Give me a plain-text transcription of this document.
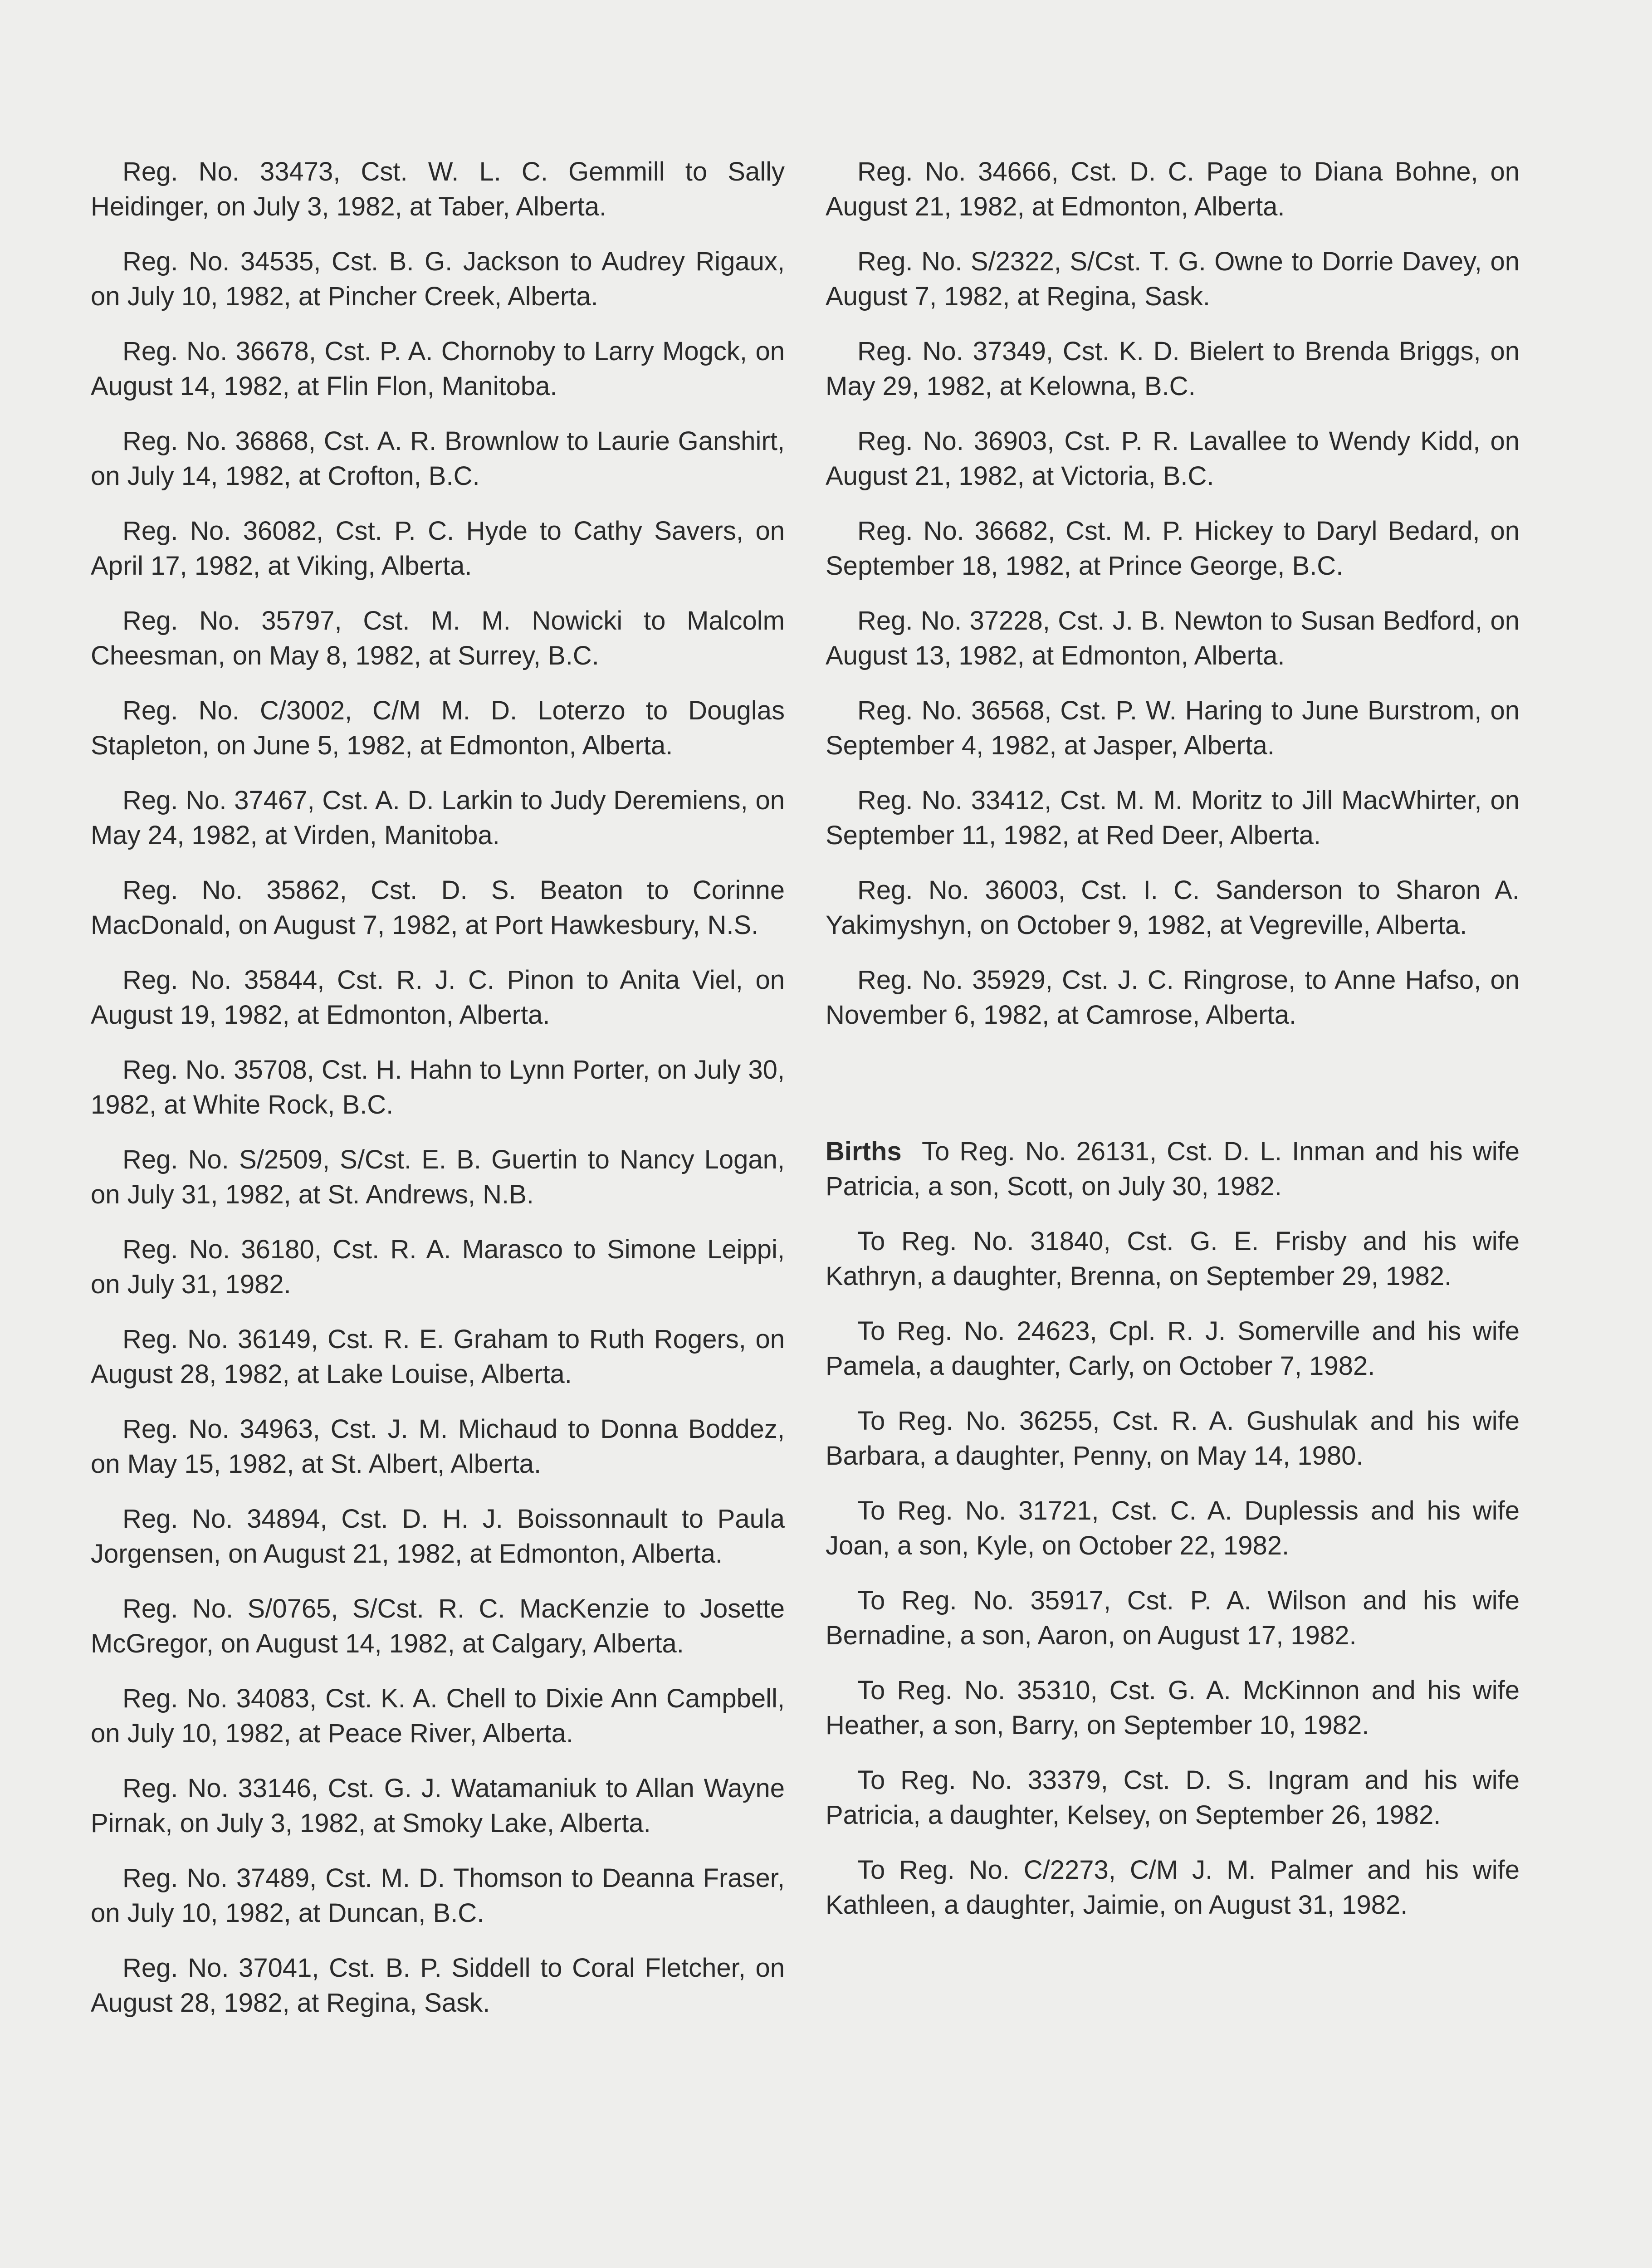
Reg. No. 33473, Cst. W. L. C. Gemmill to Sally Heidinger, on July 3, 1982, at Taber, Alberta.

Reg. No. 34535, Cst. B. G. Jackson to Audrey Rigaux, on July 10, 1982, at Pincher Creek, Alberta.

Reg. No. 36678, Cst. P. A. Chornoby to Larry Mogck, on August 14, 1982, at Flin Flon, Manitoba.

Reg. No. 36868, Cst. A. R. Brownlow to Laurie Ganshirt, on July 14, 1982, at Crofton, B.C.

Reg. No. 36082, Cst. P. C. Hyde to Cathy Savers, on April 17, 1982, at Viking, Alberta.

Reg. No. 35797, Cst. M. M. Nowicki to Malcolm Cheesman, on May 8, 1982, at Surrey, B.C.

Reg. No. C/3002, C/M M. D. Loterzo to Douglas Stapleton, on June 5, 1982, at Edmonton, Alberta.

Reg. No. 37467, Cst. A. D. Larkin to Judy Deremiens, on May 24, 1982, at Virden, Manitoba.

Reg. No. 35862, Cst. D. S. Beaton to Corinne MacDonald, on August 7, 1982, at Port Hawkesbury, N.S.

Reg. No. 35844, Cst. R. J. C. Pinon to Anita Viel, on August 19, 1982, at Edmonton, Alberta.

Reg. No. 35708, Cst. H. Hahn to Lynn Porter, on July 30, 1982, at White Rock, B.C.

Reg. No. S/2509, S/Cst. E. B. Guertin to Nancy Logan, on July 31, 1982, at St. Andrews, N.B.

Reg. No. 36180, Cst. R. A. Marasco to Simone Leippi, on July 31, 1982.

Reg. No. 36149, Cst. R. E. Graham to Ruth Rogers, on August 28, 1982, at Lake Louise, Alberta.

Reg. No. 34963, Cst. J. M. Michaud to Donna Boddez, on May 15, 1982, at St. Albert, Alberta.

Reg. No. 34894, Cst. D. H. J. Boissonnault to Paula Jorgensen, on August 21, 1982, at Edmonton, Alberta.

Reg. No. S/0765, S/Cst. R. C. MacKenzie to Josette McGregor, on August 14, 1982, at Calgary, Alberta.

Reg. No. 34083, Cst. K. A. Chell to Dixie Ann Campbell, on July 10, 1982, at Peace River, Alberta.

Reg. No. 33146, Cst. G. J. Watamaniuk to Allan Wayne Pirnak, on July 3, 1982, at Smoky Lake, Alberta.

Reg. No. 37489, Cst. M. D. Thomson to Deanna Fraser, on July 10, 1982, at Duncan, B.C.

Reg. No. 37041, Cst. B. P. Siddell to Coral Fletcher, on August 28, 1982, at Regina, Sask.

Reg. No. 34666, Cst. D. C. Page to Diana Bohne, on August 21, 1982, at Edmonton, Alberta.

Reg. No. S/2322, S/Cst. T. G. Owne to Dorrie Davey, on August 7, 1982, at Regina, Sask.

Reg. No. 37349, Cst. K. D. Bielert to Brenda Briggs, on May 29, 1982, at Kelowna, B.C.

Reg. No. 36903, Cst. P. R. Lavallee to Wendy Kidd, on August 21, 1982, at Victoria, B.C.

Reg. No. 36682, Cst. M. P. Hickey to Daryl Bedard, on September 18, 1982, at Prince George, B.C.

Reg. No. 37228, Cst. J. B. Newton to Susan Bedford, on August 13, 1982, at Edmonton, Alberta.

Reg. No. 36568, Cst. P. W. Haring to June Burstrom, on September 4, 1982, at Jasper, Alberta.

Reg. No. 33412, Cst. M. M. Moritz to Jill MacWhirter, on September 11, 1982, at Red Deer, Alberta.

Reg. No. 36003, Cst. I. C. Sanderson to Sharon A. Yakimyshyn, on October 9, 1982, at Vegreville, Alberta.

Reg. No. 35929, Cst. J. C. Ringrose, to Anne Hafso, on November 6, 1982, at Camrose, Alberta.

Births To Reg. No. 26131, Cst. D. L. Inman and his wife Patricia, a son, Scott, on July 30, 1982.

To Reg. No. 31840, Cst. G. E. Frisby and his wife Kathryn, a daughter, Brenna, on September 29, 1982.

To Reg. No. 24623, Cpl. R. J. Somerville and his wife Pamela, a daughter, Carly, on October 7, 1982.

To Reg. No. 36255, Cst. R. A. Gushulak and his wife Barbara, a daughter, Penny, on May 14, 1980.

To Reg. No. 31721, Cst. C. A. Duplessis and his wife Joan, a son, Kyle, on October 22, 1982.

To Reg. No. 35917, Cst. P. A. Wilson and his wife Bernadine, a son, Aaron, on August 17, 1982.

To Reg. No. 35310, Cst. G. A. McKinnon and his wife Heather, a son, Barry, on September 10, 1982.

To Reg. No. 33379, Cst. D. S. Ingram and his wife Patricia, a daughter, Kelsey, on September 26, 1982.

To Reg. No. C/2273, C/M J. M. Palmer and his wife Kathleen, a daughter, Jaimie, on August 31, 1982.
